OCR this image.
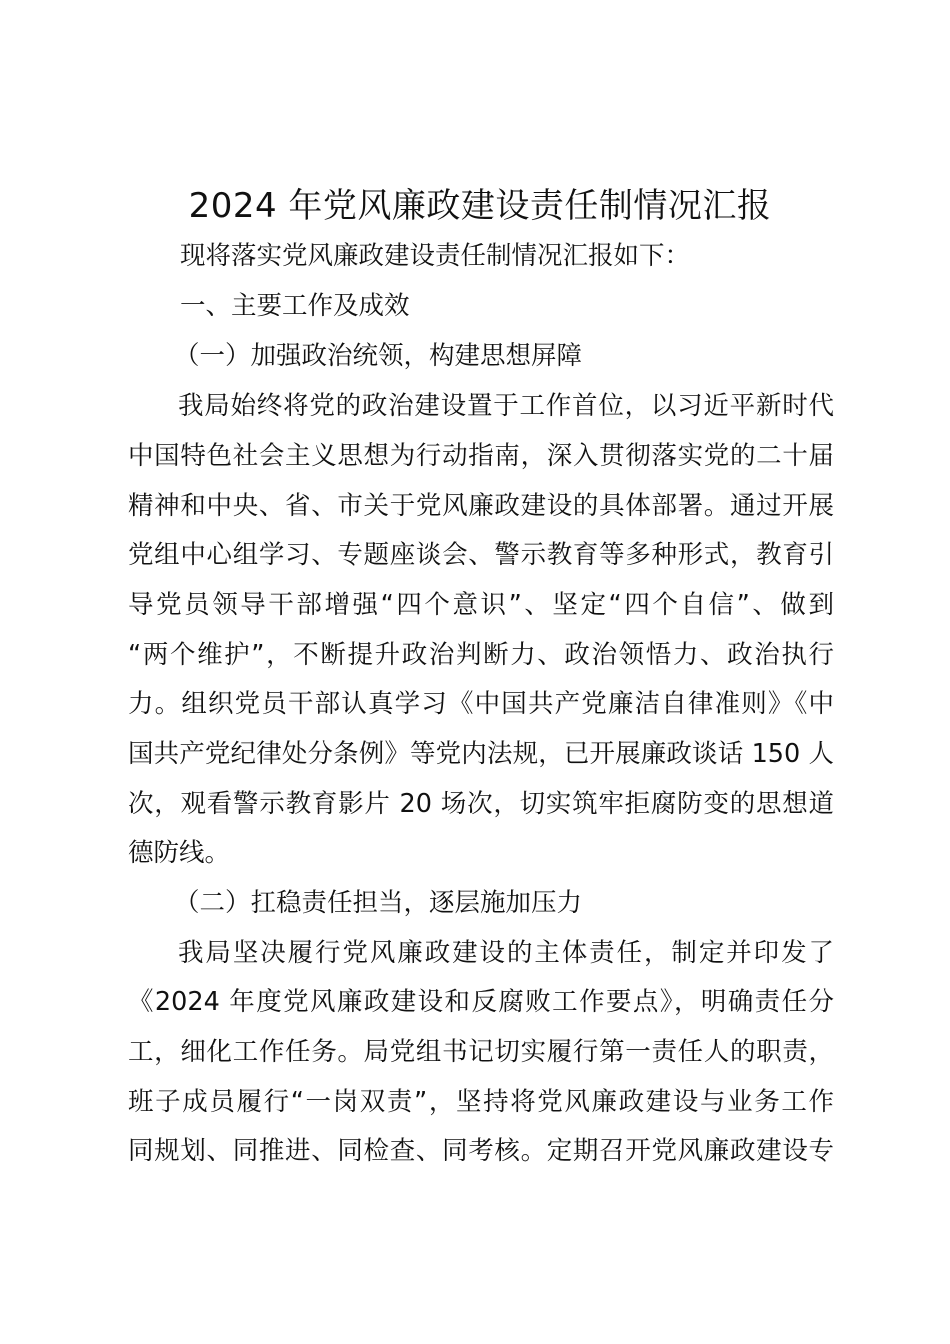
2024 年党风廉政建设责任制情况汇报
现将落实党风廉政建设责任制情况汇报如下：
一、主要工作及成效
（一）加强政治统领，构建思想屏障
我局始终将党的政治建设置于工作首位，以习近平新时代
中国特色社会主义思想为行动指南，深入贯彻落实党的二十届
精神和中央、省、市关于党风廉政建设的具体部署。通过开展
党组中心组学习、专题座谈会、警示教育等多种形式，教育引
导党员领导干部增强“四个意识”、坚定“四个自信”、做到
“两个维护”，不断提升政治判断力、政治领悟力、政治执行
力。组织党员干部认真学习《中国共产党廉洁自律准则》《中
国共产党纪律处分条例》等党内法规，已开展廉政谈话 150 人
次，观看警示教育影片 20 场次，切实筑牢拒腐防变的思想道
德防线。
（二）扛稳责任担当，逐层施加压力
我局坚决履行党风廉政建设的主体责任，制定并印发了
《2024 年度党风廉政建设和反腐败工作要点》，明确责任分
工，细化工作任务。局党组书记切实履行第一责任人的职责，
班子成员履行“一岗双责”，坚持将党风廉政建设与业务工作
同规划、同推进、同检查、同考核。定期召开党风廉政建设专
